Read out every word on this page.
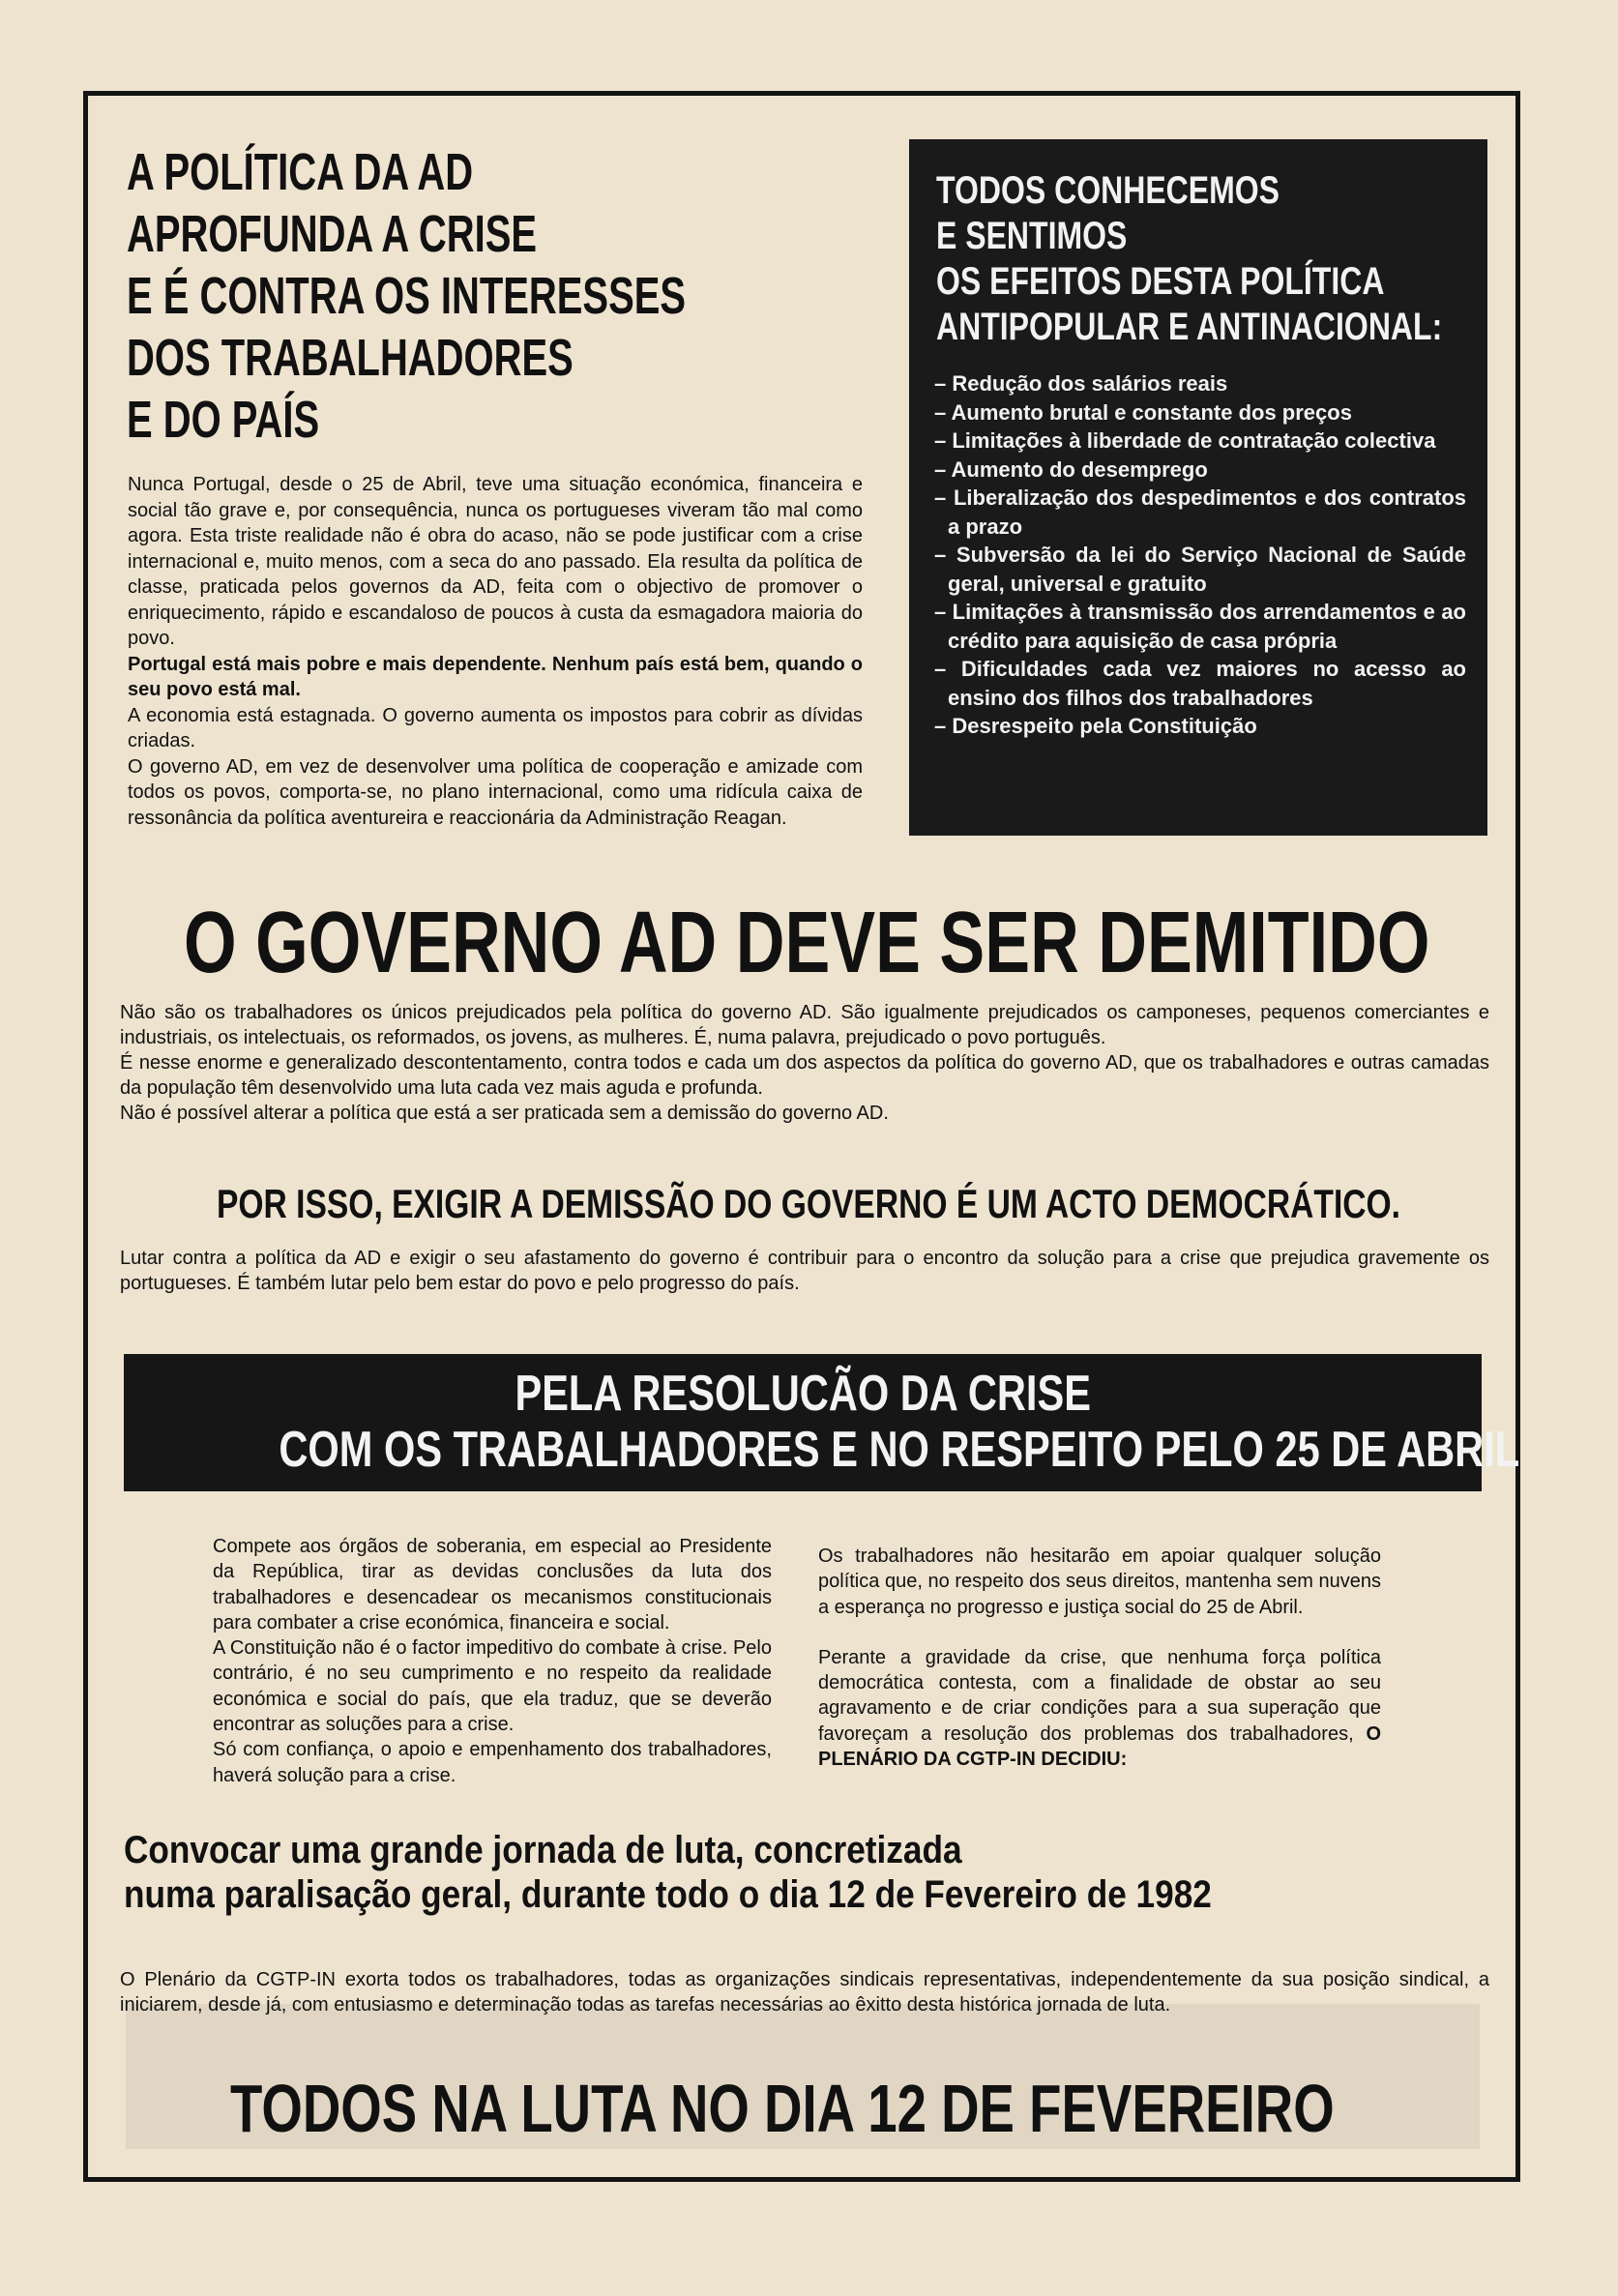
A POLÍTICA DA AD
APROFUNDA A CRISE
E É CONTRA OS INTERESSES
DOS TRABALHADORES
E DO PAÍS

Nunca Portugal, desde o 25 de Abril, teve uma situação económica, financeira e social tão grave e, por consequência, nunca os portugueses viveram tão mal como agora. Esta triste realidade não é obra do acaso, não se pode justificar com a crise internacional e, muito menos, com a seca do ano passado. Ela resulta da política de classe, praticada pelos governos da AD, feita com o objectivo de promover o enriquecimento, rápido e escandaloso de poucos à custa da esmagadora maioria do povo.

Portugal está mais pobre e mais dependente. Nenhum país está bem, quando o seu povo está mal.

A economia está estagnada. O governo aumenta os impostos para cobrir as dívidas criadas.

O governo AD, em vez de desenvolver uma política de cooperação e amizade com todos os povos, comporta-se, no plano internacional, como uma ridícula caixa de ressonância da política aventureira e reaccionária da Administração Reagan.

TODOS CONHECEMOS
E SENTIMOS
OS EFEITOS DESTA POLÍTICA
ANTIPOPULAR E ANTINACIONAL:
– Redução dos salários reais
– Aumento brutal e constante dos preços
– Limitações à liberdade de contratação colectiva
– Aumento do desemprego
– Liberalização dos despedimentos e dos contratos a prazo
– Subversão da lei do Serviço Nacional de Saúde geral, universal e gratuito
– Limitações à transmissão dos arrendamentos e ao crédito para aquisição de casa própria
– Dificuldades cada vez maiores no acesso ao ensino dos filhos dos trabalhadores
– Desrespeito pela Constituição
O GOVERNO AD DEVE SER DEMITIDO

Não são os trabalhadores os únicos prejudicados pela política do governo AD. São igualmente prejudicados os camponeses, pequenos comerciantes e industriais, os intelectuais, os reformados, os jovens, as mulheres. É, numa palavra, prejudicado o povo português.

É nesse enorme e generalizado descontentamento, contra todos e cada um dos aspectos da política do governo AD, que os trabalhadores e outras camadas da população têm desenvolvido uma luta cada vez mais aguda e profunda.

Não é possível alterar a política que está a ser praticada sem a demissão do governo AD.

POR ISSO, EXIGIR A DEMISSÃO DO GOVERNO É UM ACTO DEMOCRÁTICO.

Lutar contra a política da AD e exigir o seu afastamento do governo é contribuir para o encontro da solução para a crise que prejudica gravemente os portugueses. É também lutar pelo bem estar do povo e pelo progresso do país.

PELA RESOLUCÃO DA CRISE
COM OS TRABALHADORES E NO RESPEITO PELO 25 DE ABRIL

Compete aos órgãos de soberania, em especial ao Presidente da República, tirar as devidas conclusões da luta dos trabalhadores e desencadear os mecanismos constitucionais para combater a crise económica, financeira e social.

A Constituição não é o factor impeditivo do combate à crise. Pelo contrário, é no seu cumprimento e no respeito da realidade económica e social do país, que ela traduz, que se deverão encontrar as soluções para a crise.

Só com confiança, o apoio e empenhamento dos trabalhadores, haverá solução para a crise.

Os trabalhadores não hesitarão em apoiar qualquer solução política que, no respeito dos seus direitos, mantenha sem nuvens a esperança no progresso e justiça social do 25 de Abril.

Perante a gravidade da crise, que nenhuma força política democrática contesta, com a finalidade de obstar ao seu agravamento e de criar condições para a sua superação que favoreçam a resolução dos problemas dos trabalhadores, O PLENÁRIO DA CGTP-IN DECIDIU:

Convocar uma grande jornada de luta, concretizada
numa paralisação geral, durante todo o dia 12 de Fevereiro de 1982

O Plenário da CGTP-IN exorta todos os trabalhadores, todas as organizações sindicais representativas, independentemente da sua posição sindical, a iniciarem, desde já, com entusiasmo e determinação todas as tarefas necessárias ao êxitto desta histórica jornada de luta.

TODOS NA LUTA NO DIA 12 DE FEVEREIRO
